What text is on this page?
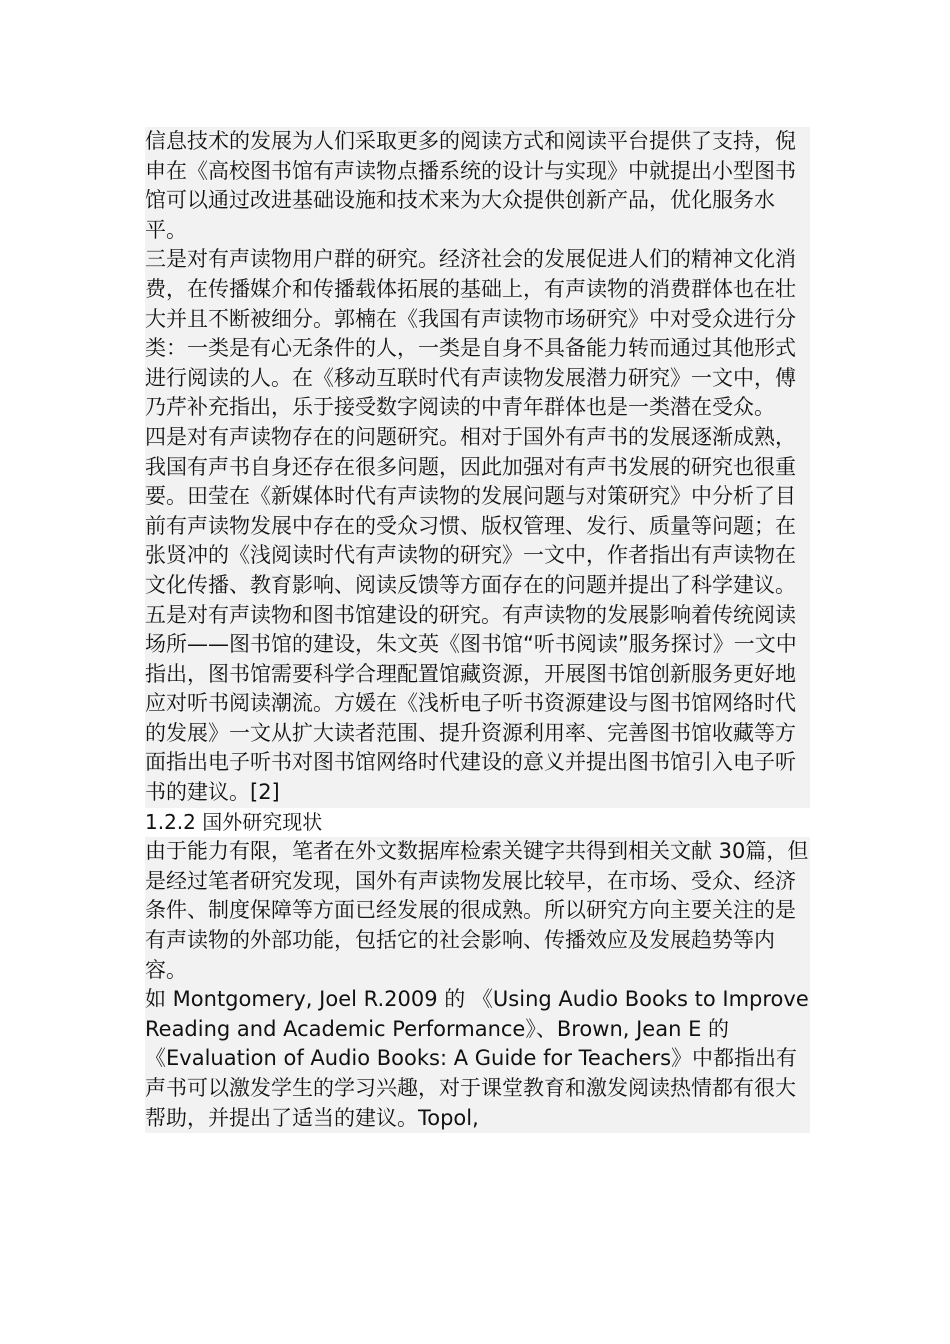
信息技术的发展为人们采取更多的阅读方式和阅读平台提供了支持，倪申在《高校图书馆有声读物点播系统的设计与实现》中就提出小型图书馆可以通过改进基础设施和技术来为大众提供创新产品，优化服务水平。

三是对有声读物用户群的研究。经济社会的发展促进人们的精神文化消费，在传播媒介和传播载体拓展的基础上，有声读物的消费群体也在壮大并且不断被细分。郭楠在《我国有声读物市场研究》中对受众进行分类：一类是有心无条件的人，一类是自身不具备能力转而通过其他形式进行阅读的人。在《移动互联时代有声读物发展潜力研究》一文中，傅乃芹补充指出，乐于接受数字阅读的中青年群体也是一类潜在受众。

四是对有声读物存在的问题研究。相对于国外有声书的发展逐渐成熟，我国有声书自身还存在很多问题，因此加强对有声书发展的研究也很重要。田莹在《新媒体时代有声读物的发展问题与对策研究》中分析了目前有声读物发展中存在的受众习惯、版权管理、发行、质量等问题；在张贤冲的《浅阅读时代有声读物的研究》一文中，作者指出有声读物在文化传播、教育影响、阅读反馈等方面存在的问题并提出了科学建议。

五是对有声读物和图书馆建设的研究。有声读物的发展影响着传统阅读场所——图书馆的建设，朱文英《图书馆“听书阅读”服务探讨》一文中指出，图书馆需要科学合理配置馆藏资源，开展图书馆创新服务更好地应对听书阅读潮流。方媛在《浅析电子听书资源建设与图书馆网络时代的发展》一文从扩大读者范围、提升资源利用率、完善图书馆收藏等方面指出电子听书对图书馆网络时代建设的意义并提出图书馆引入电子听书的建议。[2]

1.2.2 国外研究现状

由于能力有限，笔者在外文数据库检索关键字共得到相关文献 30篇，但是经过笔者研究发现，国外有声读物发展比较早，在市场、受众、经济条件、制度保障等方面已经发展的很成熟。所以研究方向主要关注的是有声读物的外部功能，包括它的社会影响、传播效应及发展趋势等内容。

如 Montgomery, Joel R.2009 的 《Using Audio Books to Improve Reading and Academic Performance》、Brown, Jean E 的《Evaluation of Audio Books: A Guide for Teachers》中都指出有声书可以激发学生的学习兴趣，对于课堂教育和激发阅读热情都有很大帮助，并提出了适当的建议。Topol,
